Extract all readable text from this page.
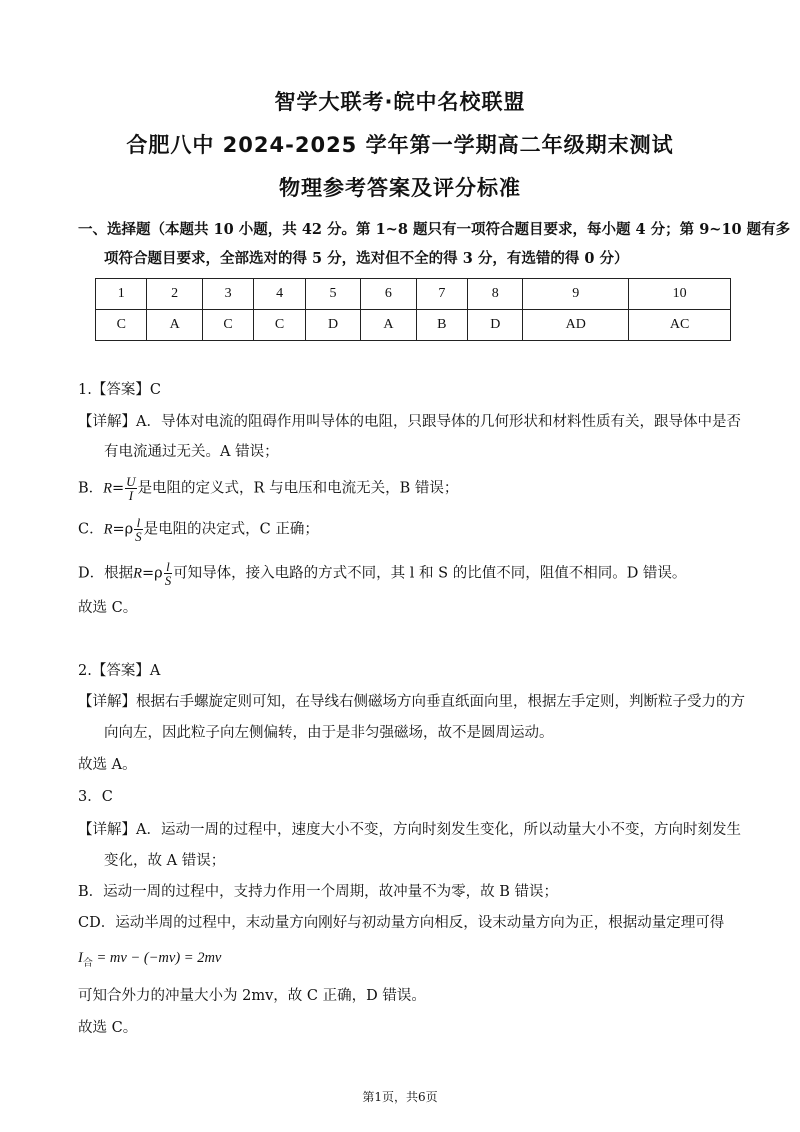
智学大联考·皖中名校联盟
合肥八中 2024-2025 学年第一学期高二年级期末测试
物理参考答案及评分标准
一、选择题（本题共 10 小题，共 42 分。第 1~8 题只有一项符合题目要求，每小题 4 分；第 9~10 题有多
项符合题目要求，全部选对的得 5 分，选对但不全的得 3 分，有选错的得 0 分）
1	2	3	4	5	6	7	8	9	10
C	A	C	C	D	A	B	D	AD	AC
1.【答案】C
【详解】A．导体对电流的阻碍作用叫导体的电阻，只跟导体的几何形状和材料性质有关，跟导体中是否
有电流通过无关。A 错误；
B．$R= \frac{U}{I}$ 是电阻的定义式，R 与电压和电流无关，B 错误；
C．$R=\rho \frac{l}{S}$ 是电阻的决定式，C 正确；
D．根据$R=\rho \frac{l}{S}$ 可知导体，接入电路的方式不同，其 l 和 S 的比值不同，阻值不相同。D 错误。
故选 C。
2.【答案】A
【详解】根据右手螺旋定则可知，在导线右侧磁场方向垂直纸面向里，根据左手定则，判断粒子受力的方
向向左，因此粒子向左侧偏转，由于是非匀强磁场，故不是圆周运动。
故选 A。
3．C
【详解】A．运动一周的过程中，速度大小不变，方向时刻发生变化，所以动量大小不变，方向时刻发生
变化，故 A 错误；
B．运动一周的过程中，支持力作用一个周期，故冲量不为零，故 B 错误；
CD．运动半周的过程中，末动量方向刚好与初动量方向相反，设末动量方向为正，根据动量定理可得
$I_合$ = mv − (−mv) = 2mv
可知合外力的冲量大小为 2mv，故 C 正确，D 错误。
故选 C。
第1页，共6页
